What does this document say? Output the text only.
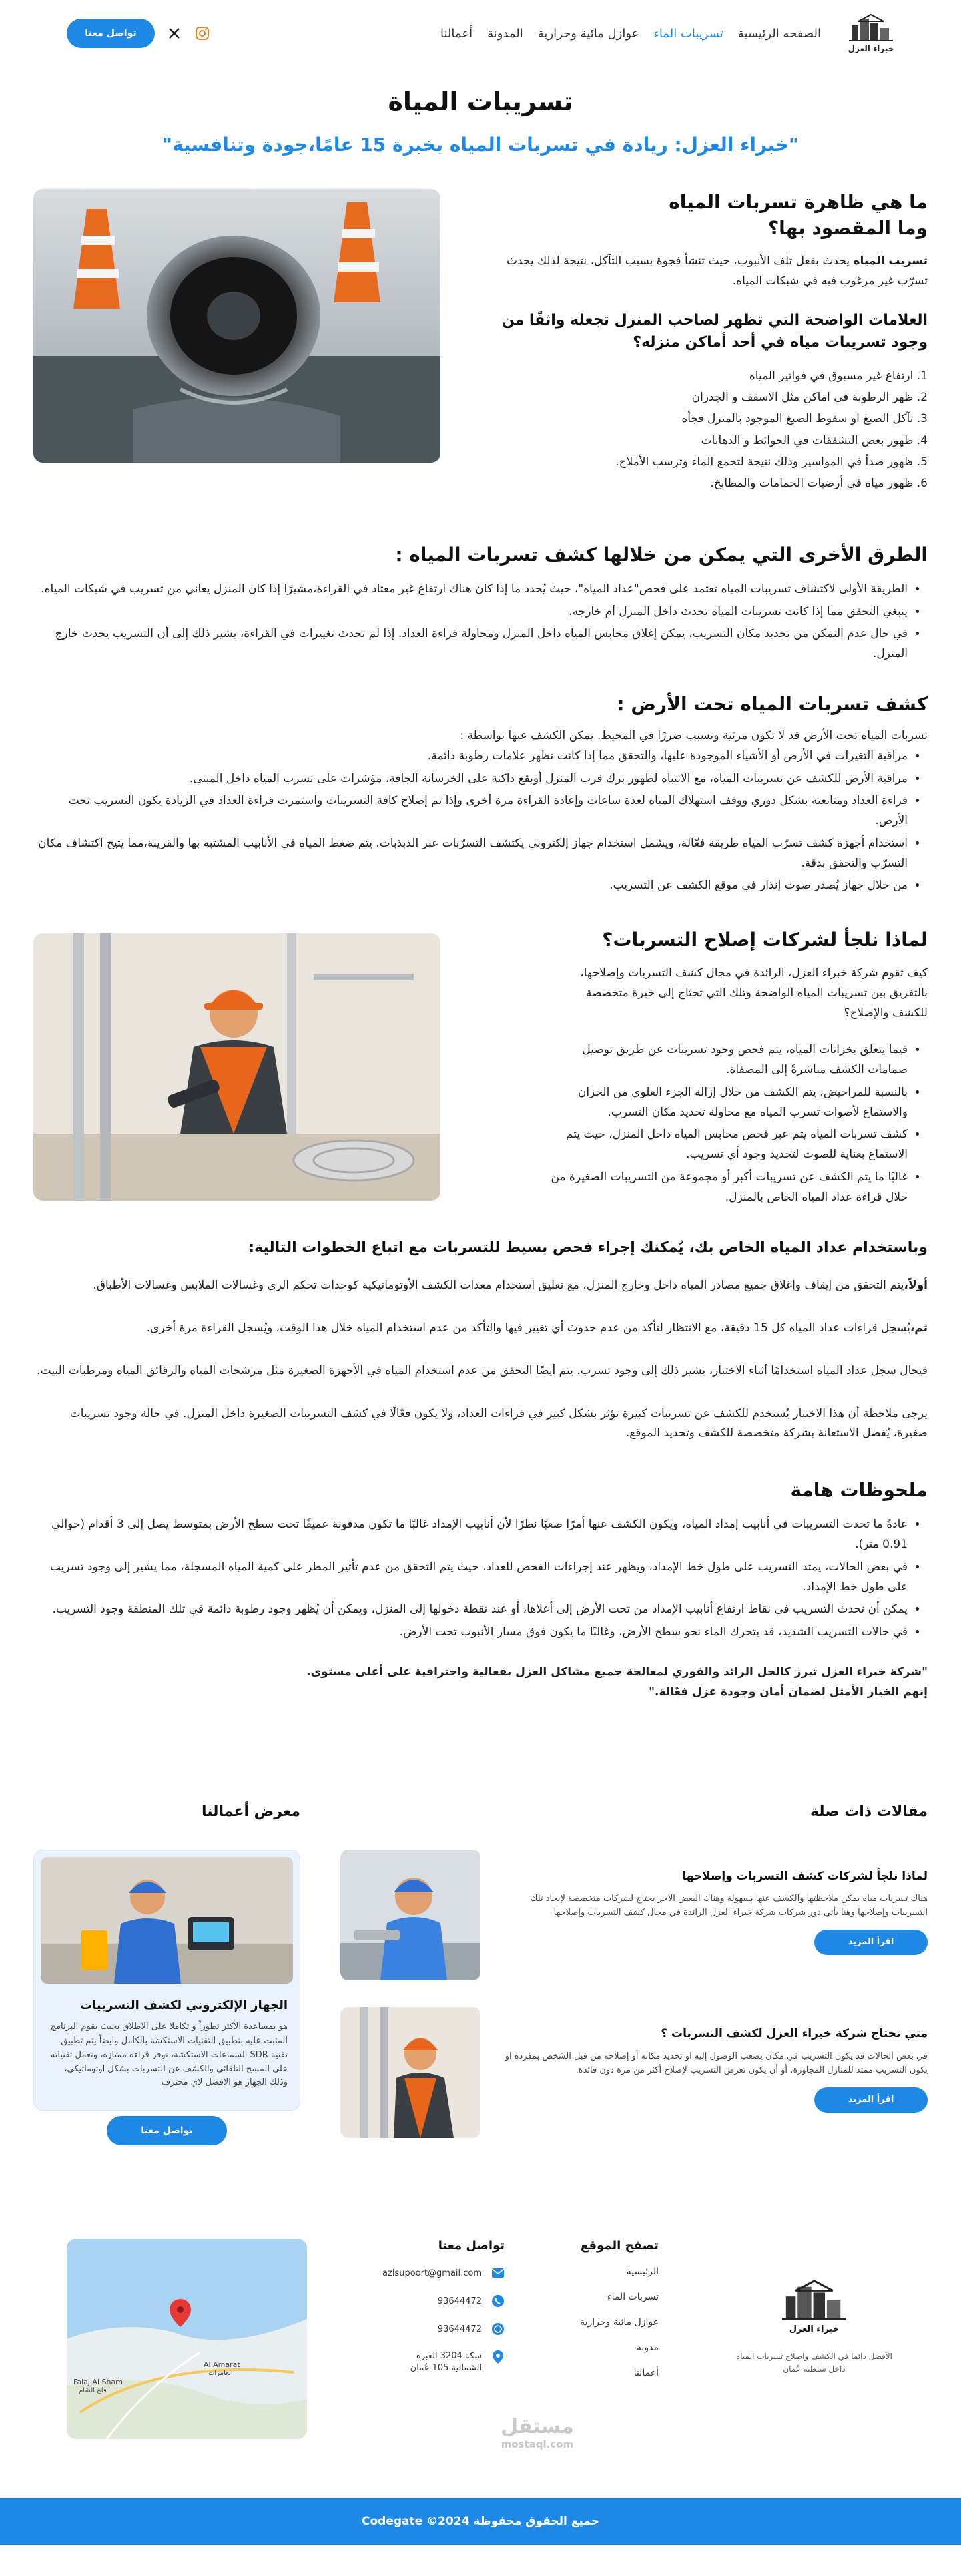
خبراء العزل
الصفحه الرئيسية
تسريبات الماء
عوازل مائية وحرارية
المدونة
أعمالنا
تواصل معنا
تسريبات المياة

"خبراء العزل: ريادة في تسربات المياه بخبرة 15 عامًا،جودة وتنافسية"

ما هي ظاهرة تسربات المياه وما المقصود بها؟

تسريب المياه يحدث بفعل تلف الأنبوب، حيث تنشأ فجوة بسبب التآكل، نتيجة لذلك يحدث تسرّب غير مرغوب فيه في شبكات المياه.

العلامات الواضحة التي تظهر لصاحب المنزل تجعله واثقًا من وجود تسريبات مياه في أحد أماكن منزله؟
1. ارتفاع غير مسبوق في فواتير المياه
2. ظهر الرطوبة في اماكن مثل الاسقف و الجدران
3. تآكل الصبغ او سقوط الصبغ الموجود بالمنزل فجأه
4. ظهور بعض التشققات في الحوائط و الدهانات
5. ظهور صدأ في المواسير وذلك نتيجة لتجمع الماء وترسب الأملاح.
6. ظهور مياه في أرضيات الحمامات والمطابخ.
الطرق الأخرى التي يمكن من خلالها كشف تسربات المياه :
• الطريقة الأولى لاكتشاف تسريبات المياه تعتمد على فحص"عداد المياه"، حيث يُحدد ما إذا كان هناك ارتفاع غير معتاد في القراءة،مشيرًا إذا كان المنزل يعاني من تسريب في شبكات المياه.
• ينبغي التحقق مما إذا كانت تسريبات المياه تحدث داخل المنزل أم خارجه.
• في حال عدم التمكن من تحديد مكان التسريب، يمكن إغلاق محابس المياه داخل المنزل ومحاولة قراءة العداد. إذا لم تحدث تغييرات في القراءة، يشير ذلك إلى أن التسريب يحدث خارج المنزل.
كشف تسربات المياه تحت الأرض :

تسربات المياه تحت الأرض قد لا تكون مرئية وتسبب ضررًا في المحيط. يمكن الكشف عنها بواسطة :

• مراقبة التغيرات في الأرض أو الأشياء الموجودة عليها، والتحقق مما إذا كانت تظهر علامات رطوبة دائمة.
• مراقبة الأرض للكشف عن تسريبات المياه، مع الانتباه لظهور برك قرب المنزل أوبقع داكنة على الخرسانة الجافة، مؤشرات على تسرب المياه داخل المبنى.
• قراءة العداد ومتابعته بشكل دوري ووقف استهلاك المياه لعدة ساعات وإعادة القراءة مرة أخرى وإذا تم إصلاح كافة التسريبات واستمرت قراءة العداد في الزيادة يكون التسريب تحت الأرض.
• استخدام أجهزة كشف تسرّب المياه طريقة فعّالة، ويشمل استخدام جهاز إلكتروني يكتشف التسرّبات عبر الذبذبات. يتم ضغط المياه في الأنابيب المشتبه بها والقريبة،مما يتيح اكتشاف مكان التسرّب والتحقق بدقة.
• من خلال جهاز يُصدر صوت إنذار في موقع الكشف عن التسريب.
لماذا نلجأ لشركات إصلاح التسربات؟

كيف تقوم شركة خبراء العزل، الرائدة في مجال كشف التسربات وإصلاحها، بالتفريق بين تسريبات المياه الواضحة وتلك التي تحتاج إلى خبرة متخصصة للكشف والإصلاح؟

• فيما يتعلق بخزانات المياه، يتم فحص وجود تسريبات عن طريق توصيل صمامات الكشف مباشرةً إلى المصفاة.
• بالنسبة للمراحيض، يتم الكشف من خلال إزالة الجزء العلوي من الخزان والاستماع لأصوات تسرب المياه مع محاولة تحديد مكان التسرب.
• كشف تسربات المياه يتم عبر فحص محابس المياه داخل المنزل، حيث يتم الاستماع بعناية للصوت لتحديد وجود أي تسريب.
• غالبًا ما يتم الكشف عن تسريبات أكبر أو مجموعة من التسريبات الصغيرة من خلال قراءة عداد المياه الخاص بالمنزل.
وباستخدام عداد المياه الخاص بك، يُمكنك إجراء فحص بسيط للتسربات مع اتباع الخطوات التالية:

أولاً،يتم التحقق من إيقاف وإغلاق جميع مصادر المياه داخل وخارج المنزل، مع تعليق استخدام معدات الكشف الأوتوماتيكية كوحدات تحكم الري وغسالات الملابس وغسالات الأطباق.

ثم،يُسجل قراءات عداد المياه كل 15 دقيقة، مع الانتظار لتأكد من عدم حدوث أي تغيير فيها والتأكد من عدم استخدام المياه خلال هذا الوقت، ويُسجل القراءة مرة أخرى.

فيحال سجل عداد المياه استخدامًا أثناء الاختبار، يشير ذلك إلى وجود تسرب. يتم أيضًا التحقق من عدم استخدام المياه في الأجهزة الصغيرة مثل مرشحات المياه والرقائق المياه ومرطبات البيت.

يرجى ملاحظة أن هذا الاختبار يُستخدم للكشف عن تسريبات كبيرة تؤثر بشكل كبير في قراءات العداد، ولا يكون فعّالًا في كشف التسريبات الصغيرة داخل المنزل. في حالة وجود تسريبات صغيرة، يُفضل الاستعانة بشركة متخصصة للكشف وتحديد الموقع.

ملحوظات هامة
• عادةً ما تحدث التسريبات في أنابيب إمداد المياه، ويكون الكشف عنها أمرًا صعبًا نظرًا لأن أنابيب الإمداد غالبًا ما تكون مدفونة عميقًا تحت سطح الأرض بمتوسط يصل إلى 3 أقدام (حوالي 0.91 متر).
• في بعض الحالات، يمتد التسريب على طول خط الإمداد، ويظهر عند إجراءات الفحص للعداد، حيث يتم التحقق من عدم تأثير المطر على كمية المياه المسجلة، مما يشير إلى وجود تسريب على طول خط الإمداد.
• يمكن أن تحدث التسريب في نقاط ارتفاع أنابيب الإمداد من تحت الأرض إلى أعلاها، أو عند نقطة دخولها إلى المنزل، ويمكن أن يُظهر وجود رطوبة دائمة في تلك المنطقة وجود التسريب.
• في حالات التسريب الشديد، قد يتحرك الماء نحو سطح الأرض، وغالبًا ما يكون فوق مسار الأنبوب تحت الأرض.

"شركة خبراء العزل تبرز كالحل الرائد والفوري لمعالجة جميع مشاكل العزل بفعالية واحترافية على أعلى مستوى.

إنهم الخيار الأمثل لضمان أمان وجودة عزل فعّالة."

مقالات ذات صلة
لماذا نلجأ لشركات كشف التسربات وإصلاحها
هناك تسربات مياه يمكن ملاحظتها والكشف عنها بسهولة وهناك البعض الآخر يحتاج لشركات متخصصة لإيجاد تلك التسريبات وإصلاحها وهنا يأتي دور شركات شركة خبراء العزل الرائدة في مجال كشف التسربات وإصلاحها
اقرأ المزيد
متي تحتاج شركة خبراء العزل لكشف التسربات ؟
في بعض الحالات قد يكون التسريب في مكان يصعب الوصول إليه او تحديد مكانه أو إصلاحه من قبل الشخص بمفرده او يكون التسريب ممتد للمنازل المجاورة، أو أن يكون تعرض التسريب لإصلاح أكثر من مرة دون فائدة.
اقرأ المزيد
معرض أعمالنا
الجهاز الإلكتروني لكشف التسربيات
هو بمساعدة الأكثر تطوراً و تكاملا على الاطلاق بحيث يقوم البرنامج المثبت عليه بتطبيق التقنيات الاستكشة بالكامل وايضاً يتم تطبيق تقنية SDR السماعات الاستكشة، توفر قراءة ممتازة، وتعمل تقنياته على المسح التلقائي والكشف عن التسربات بشكل اوتوماتيكي، وذلك الجهاز هو الافضل لاي محترف
تواصل معنا
خبراء العزل
الأفضل دائما في الكشف واصلاح تسربات المياه داخل سلطنة عُمان
تصفح الموقع
الرئيسية
تسربات الماء
عوازل مائية وحرارية
مدونة
أعمالنا
تواصل معنا
azlsupoort@gmail.com
93644472
93644472
سكة 3204 الغبرة
الشمالية 105 عُمان
Al Amarat
العامرات
Falaj Al Sham
فلج الشام
مستقل
mostaql.com
جميع الحقوق محفوظة 2024© Codegate
